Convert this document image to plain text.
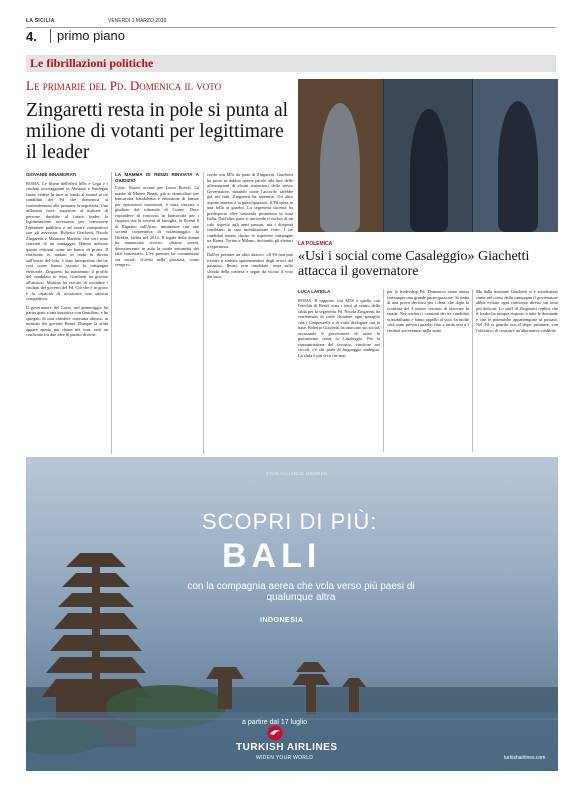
LA SICILIA	VENERDÌ 1 MARZO 2019
4.	primo piano
Le fibrillazioni politiche
Le primarie del Pd. Domenica il voto
Zingaretti resta in pole si punta al milione di votanti per legittimare il leader
GIOVANNI INNAMORATI

ROMA. Le filiere dell'eletti M5s e Lega e i risultati incoraggianti in Abruzzo e Sardegna fanno vedere la luce in fondo al tunnel ai tre candidati del Pd che domenica si contenderanno alle primarie la segreteria. Una affluenza forte, superiore al milione di persone, darebbe al futuro leader la legittimazione necessaria per convincere l'opinione pubblica e ad essere competitivo con gli avversari. Roberto Giachetti, Nicola Zingaretti e Maurizio Martina, che veri sono convinti di un sondaggio. Hanno indicato queste elezioni come un banco di prova. Il confronto tv, andato in onda in diretta sull'inizio del voto, è stato interpretato dai tre così come hanno vissuto la campagna elettorale. Zingaretti ha mantenuto il profilo del candidato in testa. Giachetti ha giocato all'attacco. Martina ha cercato di ricordare i risultati dei governi del Pd. Ciò che è in gioco è la capacità di ricostruire una sinistra competitiva.

Il governatore del Lazio, nel pomeriggio ha partecipato a una iniziativa con Gentiloni, e ha spiegato di non chiedere «nessuna abiura» ai ministri dei governi Renzi. Dunque la sfida appare aperta ma chiara nei toni: sarà un confronto tra due idee di partito diverse.

LA MAMMA DI RENZI RINVIATA A GIUDIZIO

Corsi: Nuove accuse per Laura Bovoli. La madre di Matteo Renzi, già ai domiciliari per bancarotta fraudolenta e emissione di fatture per operazioni inesistenti, è stata rinviata a giudizio dal tribunale di Cuneo. Deve rispondere di concorso in bancarotta per i rapporti che la società di famiglia, la Eventi 6 di Rignano sull'Arno, intrattenne con una società cooperativa di volantinaggio, la Direkta, fallita nel 2014. Il legale della donna ha annunciato ricorso: «Siamo sereni, dimostreremo in aula la totale estraneità dei fatti contestati». L'ex premier ha commentato sui social: «Credo nella giustizia, come sempre».

cordo con M5s da parte di Zingaretti. Giachetti ha posto in dubbio queste parole alla luce delle affermazioni di alcuni sostenitori dello stesso Governatore, notando come l'accordo sarebbe già nei fatti. Zingaretti ha smentito. Un altro aspetto emerso è la partecipazione: il Pd spera in una folla ai gazebo. La segreteria uscente ha predisposto oltre settemila postazioni in tutta Italia. Dall'altra parte si intravede il rischio di un calo rispetto agli anni passati, ma i dirigenti confidano in una mobilitazione forte. I tre candidati hanno chiuso le rispettive campagne tra Roma, Torino e Milano, invitando gli elettori a esprimersi.

Dall'ex premier un altro attacco: «Il Pd non può tornare a sinistra spaventandosi degli errori del passato». Renzi, non candidato, resta sullo sfondo della contesa e segue da vicino il voto dei suoi.

LA POLEMICA
«Usi i social come Casaleggio» Giachetti attacca il governatore
LUCA LAVIOLA

ROMA. Il rapporto con M5S e quello con l'eredità di Renzi sono i temi al centro della sfida per la segreteria Pd. Nicola Zingaretti ha confermato di voler chiudere ogni spiraglio con i Cinquestelle e di voler dialogare con la base. Roberto Giachetti ha attaccato sui social, accusando il governatore di usare le piattaforme come fa Casaleggio. Per la comunicazione del favorito, vincitore nei circoli, c'è chi parla di linguaggio ambiguo. La sfida è più viva che mai.

per la leadership Pd. Domenica viene attesa comunque una grande partecipazione. Si tratta di una prova decisiva per i dem, che dopo la sconfitta del 4 marzo cercano di ritrovare la strada. Nei territori i comitati dei tre candidati si mobilitano e fanno appello al voto. In molte città sono previsti gazebo fino a tarda sera e i risultati arriveranno nella notte.

Ma dalla mozione Giachetti si è sottolineato come nel corso della campagna il governatore abbia evitato ogni confronto diretto sui temi più delicati. Lo staff di Zingaretti replica che il leader ha sempre risposto a tutte le domande e che le polemiche appartengono al passato. Nel Pd si guarda ora al dopo primarie, con l'obiettivo di costruire un'alternativa credibile.

STAR ALLIANCE MEMBER
SCOPRI DI PIÙ:
BALI
con la compagnia aerea che vola verso più paesi di qualunque altra
INDONESIA
a partire dal 17 luglio
TURKISH AIRLINES
WIDEN YOUR WORLD	turkishairlines.com
